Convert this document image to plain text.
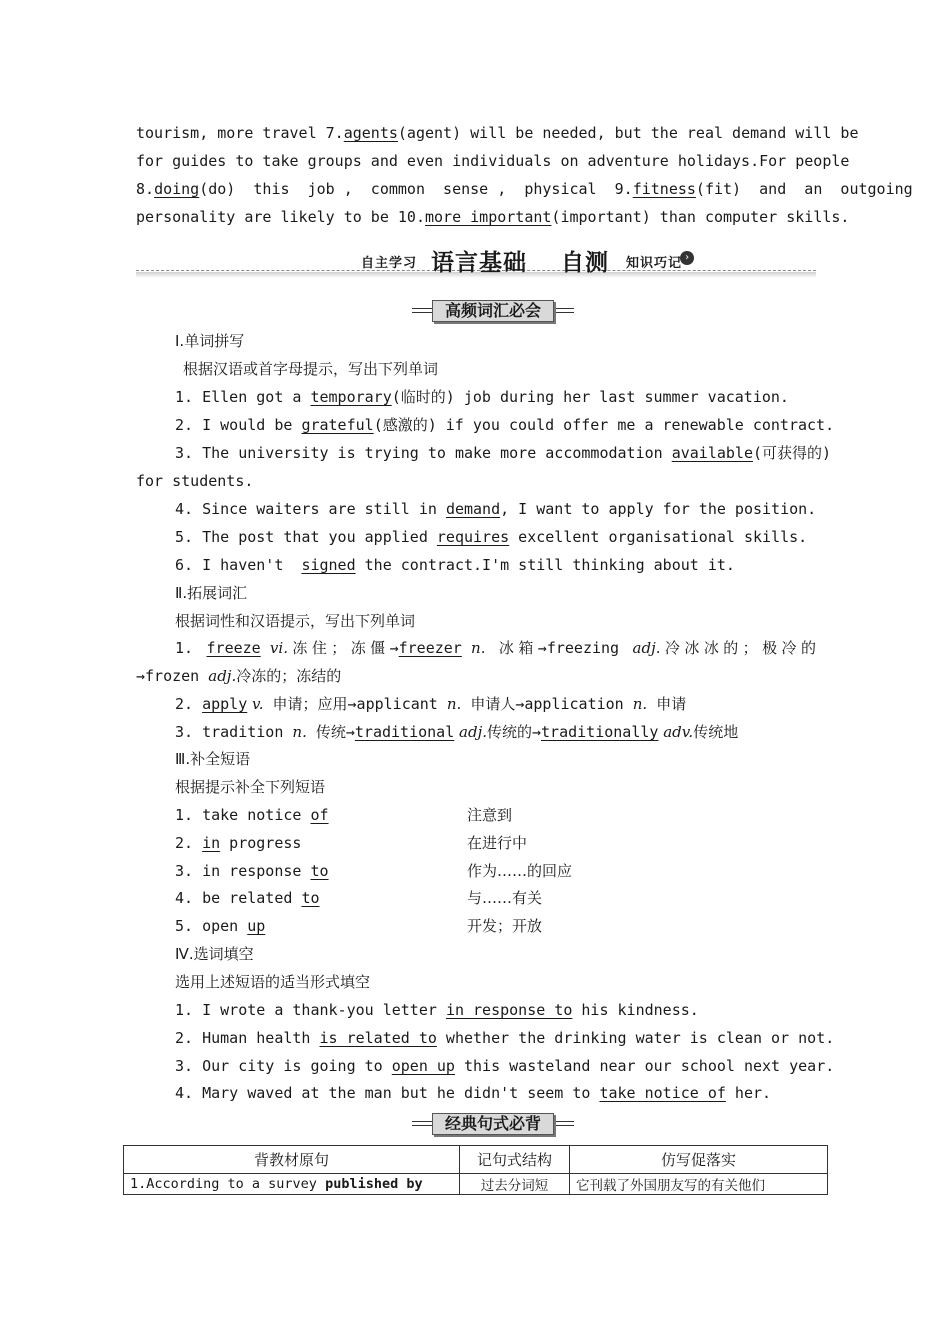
tourism, more travel 7.agents(agent) will be needed, but the real demand will be
for guides to take groups and even individuals on adventure holidays.For people
8.doing(do)  this  job ,  common  sense ,  physical  9.fitness(fit)  and  an  outgoing
personality are likely to be 10.more important(important) than computer skills.
自主学习 语言基础	›
自测 知识巧记
高频词汇必会
Ⅰ.单词拼写
根据汉语或首字母提示，写出下列单词
1. Ellen got a temporary(临时的) job during her last summer vacation.
2. I would be grateful(感激的) if you could offer me a renewable contract.
3. The university is trying to make more accommodation available(可获得的)
for students.
4. Since waiters are still in demand, I want to apply for the position.
5. The post that you applied requires excellent organisational skills.
6. I haven't  signed the contract.I'm still thinking about it.
Ⅱ.拓展词汇
根据词性和汉语提示，写出下列单词
1. freeze vi.冻住；冻僵→freezer n. 冰箱→freezing adj.冷冰冰的；极冷的
→frozen adj.冷冻的；冻结的
2. apply v. 申请；应用→applicant n. 申请人→application n. 申请
3. tradition n. 传统→traditional adj.传统的→traditionally adv.传统地
Ⅲ.补全短语
根据提示补全下列短语
1. take notice of	注意到
2. in progress	在进行中
3. in response to	作为……的回应
4. be related to	与……有关
5. open up	开发；开放
Ⅳ.选词填空
选用上述短语的适当形式填空
1. I wrote a thank-you letter in response to his kindness.
2. Human health is related to whether the drinking water is clean or not.
3. Our city is going to open up this wasteland near our school next year.
4. Mary waved at the man but he didn't seem to take notice of her.
经典句式必背
背教材原句	记句式结构	仿写促落实
1.According to a survey published by	过去分词短	它刊载了外国朋友写的有关他们
